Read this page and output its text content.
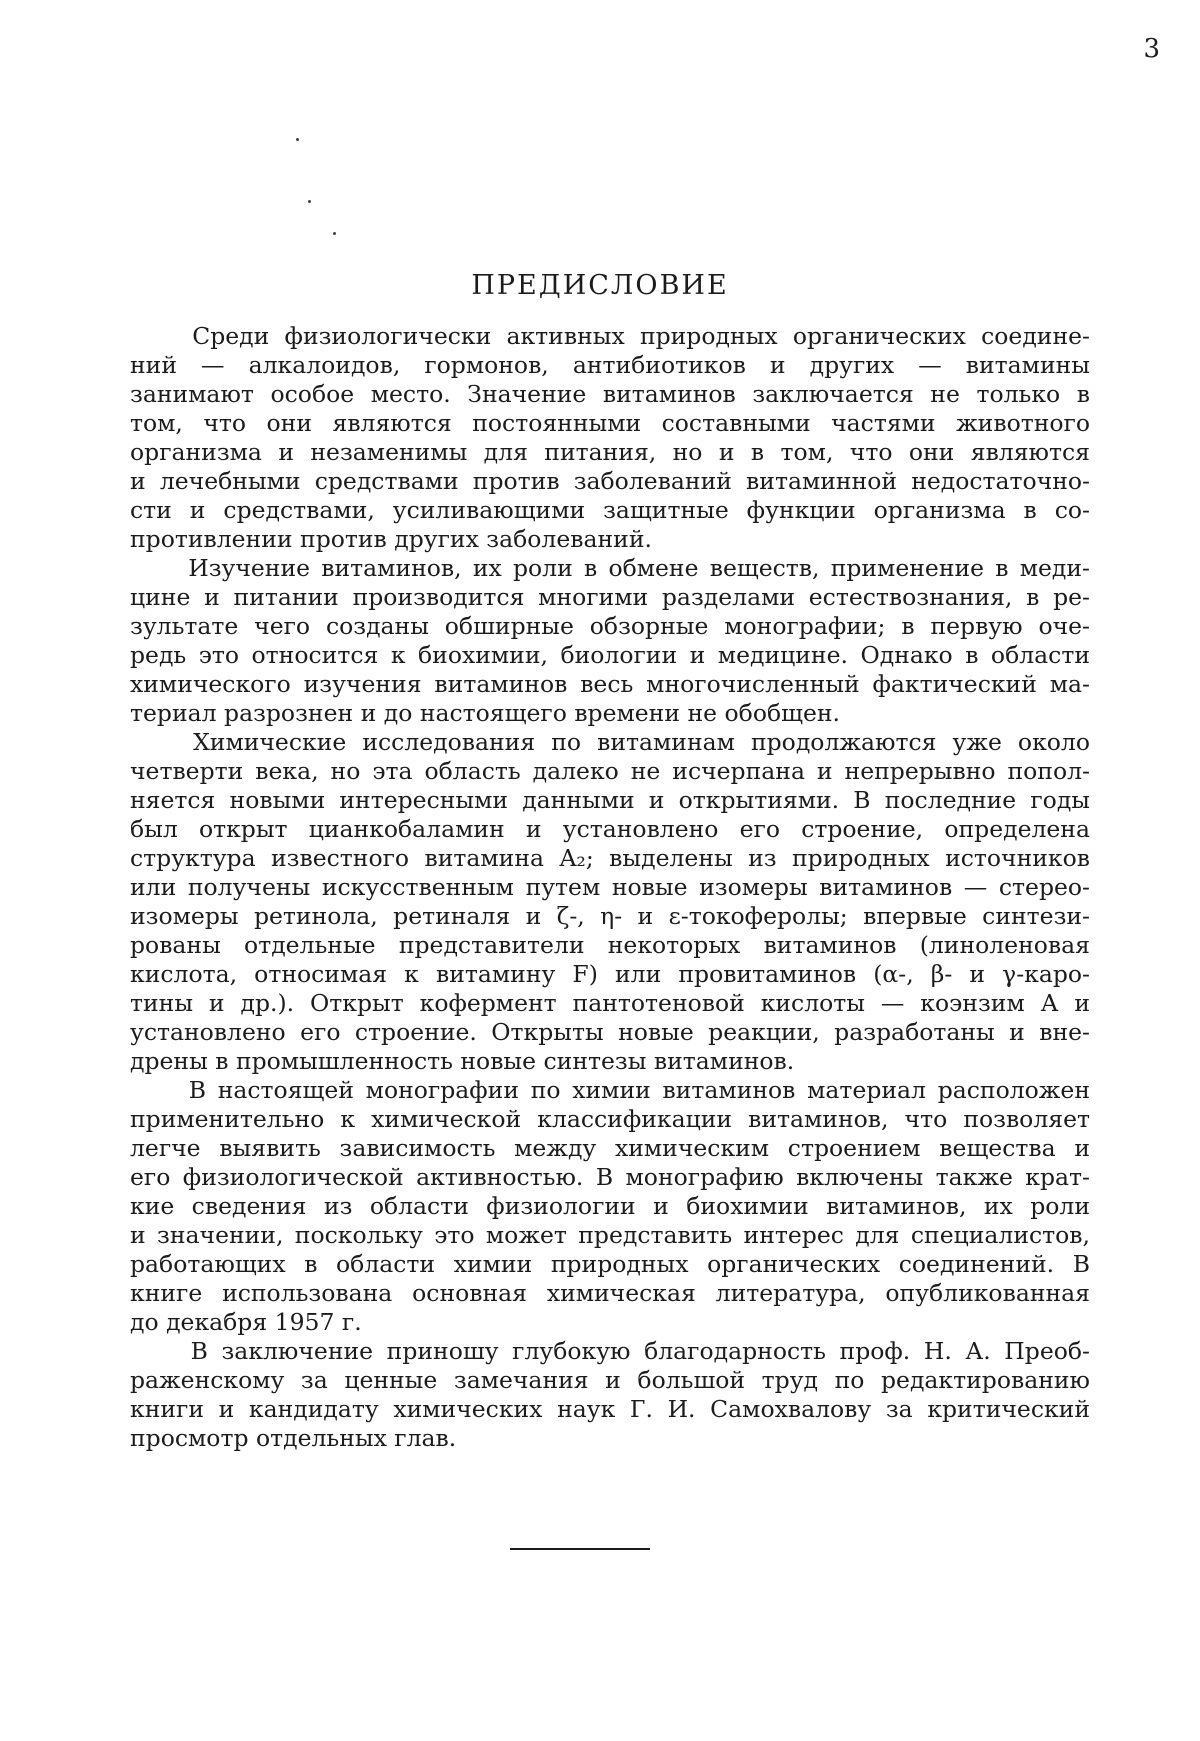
3
ПРЕДИСЛОВИЕ

   Среди физиологически активных природных органических соедине-
ний — алкалоидов, гормонов, антибиотиков и других — витамины
занимают особое место. Значение витаминов заключается не только в
том, что они являются постоянными составными частями животного
организма и незаменимы для питания, но и в том, что они являются
и лечебными средствами против заболеваний витаминной недостаточно-
сти и средствами, усиливающими защитные функции организма в со-
противлении против других заболеваний.

   Изучение витаминов, их роли в обмене веществ, применение в меди-
цине и питании производится многими разделами естествознания, в ре-
зультате чего созданы обширные обзорные монографии; в первую оче-
редь это относится к биохимии, биологии и медицине. Однако в области
химического изучения витаминов весь многочисленный фактический ма-
териал разрознен и до настоящего времени не обобщен.

   Химические исследования по витаминам продолжаются уже около
четверти века, но эта область далеко не исчерпана и непрерывно попол-
няется новыми интересными данными и открытиями. В последние годы
был открыт цианкобаламин и установлено его строение, определена
структура известного витамина A₂; выделены из природных источников
или получены искусственным путем новые изомеры витаминов — стерео-
изомеры ретинола, ретиналя и ζ-, η- и ε-токоферолы; впервые синтези-
рованы отдельные представители некоторых витаминов (линоленовая
кислота, относимая к витамину F) или провитаминов (α-, β- и γ-каро-
тины и др.). Открыт кофермент пантотеновой кислоты — коэнзим А и
установлено его строение. Открыты новые реакции, разработаны и вне-
дрены в промышленность новые синтезы витаминов.

   В настоящей монографии по химии витаминов материал расположен
применительно к химической классификации витаминов, что позволяет
легче выявить зависимость между химическим строением вещества и
его физиологической активностью. В монографию включены также крат-
кие сведения из области физиологии и биохимии витаминов, их роли
и значении, поскольку это может представить интерес для специалистов,
работающих в области химии природных органических соединений. В
книге использована основная химическая литература, опубликованная
до декабря 1957 г.

   В заключение приношу глубокую благодарность проф. Н. А. Преоб-
раженскому за ценные замечания и большой труд по редактированию
книги и кандидату химических наук Г. И. Самохвалову за критический
просмотр отдельных глав.
